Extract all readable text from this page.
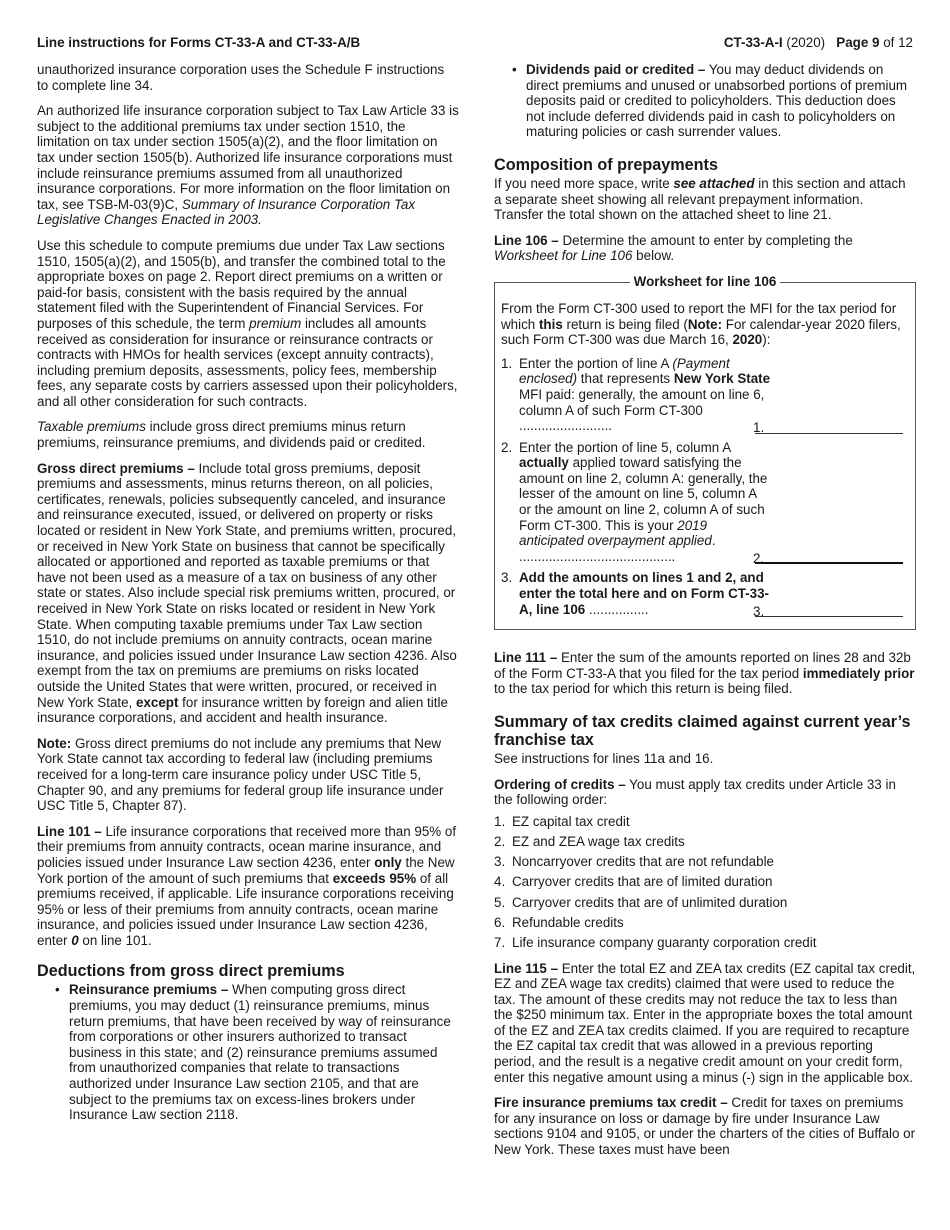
Line instructions for Forms CT-33-A and CT-33-A/B	CT-33-A-I (2020) Page 9 of 12

unauthorized insurance corporation uses the Schedule F instructions to complete line 34.

An authorized life insurance corporation subject to Tax Law Article 33 is subject to the additional premiums tax under section 1510, the limitation on tax under section 1505(a)(2), and the floor limitation on tax under section 1505(b). Authorized life insurance corporations must include reinsurance premiums assumed from all unauthorized insurance corporations. For more information on the floor limitation on tax, see TSB-M-03(9)C, Summary of Insurance Corporation Tax Legislative Changes Enacted in 2003.

Use this schedule to compute premiums due under Tax Law sections 1510, 1505(a)(2), and 1505(b), and transfer the combined total to the appropriate boxes on page 2. Report direct premiums on a written or paid-for basis, consistent with the basis required by the annual statement filed with the Superintendent of Financial Services. For purposes of this schedule, the term premium includes all amounts received as consideration for insurance or reinsurance contracts or contracts with HMOs for health services (except annuity contracts), including premium deposits, assessments, policy fees, membership fees, any separate costs by carriers assessed upon their policyholders, and all other consideration for such contracts.

Taxable premiums include gross direct premiums minus return premiums, reinsurance premiums, and dividends paid or credited.

Gross direct premiums – Include total gross premiums, deposit premiums and assessments, minus returns thereon, on all policies, certificates, renewals, policies subsequently canceled, and insurance and reinsurance executed, issued, or delivered on property or risks located or resident in New York State, and premiums written, procured, or received in New York State on business that cannot be specifically allocated or apportioned and reported as taxable premiums or that have not been used as a measure of a tax on business of any other state or states. Also include special risk premiums written, procured, or received in New York State on risks located or resident in New York State. When computing taxable premiums under Tax Law section 1510, do not include premiums on annuity contracts, ocean marine insurance, and policies issued under Insurance Law section 4236. Also exempt from the tax on premiums are premiums on risks located outside the United States that were written, procured, or received in New York State, except for insurance written by foreign and alien title insurance corporations, and accident and health insurance.

Note: Gross direct premiums do not include any premiums that New York State cannot tax according to federal law (including premiums received for a long-term care insurance policy under USC Title 5, Chapter 90, and any premiums for federal group life insurance under USC Title 5, Chapter 87).

Line 101 – Life insurance corporations that received more than 95% of their premiums from annuity contracts, ocean marine insurance, and policies issued under Insurance Law section 4236, enter only the New York portion of the amount of such premiums that exceeds 95% of all premiums received, if applicable. Life insurance corporations receiving 95% or less of their premiums from annuity contracts, ocean marine insurance, and policies issued under Insurance Law section 4236, enter 0 on line 101.

Deductions from gross direct premiums
• Reinsurance premiums – When computing gross direct premiums, you may deduct (1) reinsurance premiums, minus return premiums, that have been received by way of reinsurance from corporations or other insurers authorized to transact business in this state; and (2) reinsurance premiums assumed from unauthorized companies that relate to transactions authorized under Insurance Law section 2105, and that are subject to the premiums tax on excess-lines brokers under Insurance Law section 2118.
• Dividends paid or credited – You may deduct dividends on direct premiums and unused or unabsorbed portions of premium deposits paid or credited to policyholders. This deduction does not include deferred dividends paid in cash to policyholders on maturing policies or cash surrender values.
Composition of prepayments

If you need more space, write see attached in this section and attach a separate sheet showing all relevant prepayment information. Transfer the total shown on the attached sheet to line 21.

Line 106 – Determine the amount to enter by completing the Worksheet for Line 106 below.

Worksheet for line 106
From the Form CT-300 used to report the MFI for the tax period for which this return is being filed (Note: For calendar-year 2020 filers, such Form CT-300 was due March 16, 2020):
1. Enter the portion of line A (Payment enclosed) that represents New York State MFI paid: generally, the amount on line 6, column A of such Form CT-300 .........................	1.
2. Enter the portion of line 5, column A actually applied toward satisfying the amount on line 2, column A: generally, the lesser of the amount on line 5, column A or the amount on line 2, column A of such Form CT-300. This is your 2019 anticipated overpayment applied. ..........................................	2.
3. Add the amounts on lines 1 and 2, and enter the total here and on Form CT-33-A, line 106 ................	3.

Line 111 – Enter the sum of the amounts reported on lines 28 and 32b of the Form CT-33-A that you filed for the tax period immediately prior to the tax period for which this return is being filed.

Summary of tax credits claimed against current year’s franchise tax

See instructions for lines 11a and 16.

Ordering of credits – You must apply tax credits under Article 33 in the following order:

1. EZ capital tax credit
2. EZ and ZEA wage tax credits
3. Noncarryover credits that are not refundable
4. Carryover credits that are of limited duration
5. Carryover credits that are of unlimited duration
6. Refundable credits
7. Life insurance company guaranty corporation credit

Line 115 – Enter the total EZ and ZEA tax credits (EZ capital tax credit, EZ and ZEA wage tax credits) claimed that were used to reduce the tax. The amount of these credits may not reduce the tax to less than the $250 minimum tax. Enter in the appropriate boxes the total amount of the EZ and ZEA tax credits claimed. If you are required to recapture the EZ capital tax credit that was allowed in a previous reporting period, and the result is a negative credit amount on your credit form, enter this negative amount using a minus (-) sign in the applicable box.

Fire insurance premiums tax credit – Credit for taxes on premiums for any insurance on loss or damage by fire under Insurance Law sections 9104 and 9105, or under the charters of the cities of Buffalo or New York. These taxes must have been
